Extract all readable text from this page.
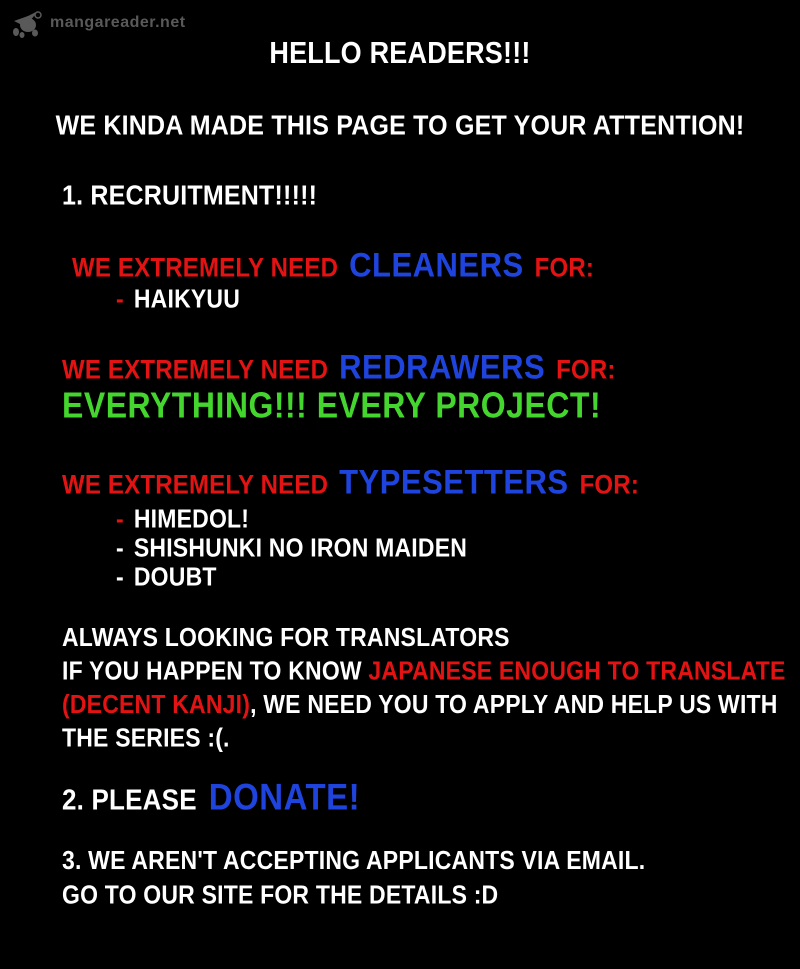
mangareader.net
HELLO READERS!!!
WE KINDA MADE THIS PAGE TO GET YOUR ATTENTION!
1. RECRUITMENT!!!!!
WE EXTREMELY NEED CLEANERS FOR:
- HAIKYUU
WE EXTREMELY NEED REDRAWERS FOR:
EVERYTHING!!! EVERY PROJECT!
WE EXTREMELY NEED TYPESETTERS FOR:
- HIMEDOL!
- SHISHUNKI NO IRON MAIDEN
- DOUBT
ALWAYS LOOKING FOR TRANSLATORS
IF YOU HAPPEN TO KNOW JAPANESE ENOUGH TO TRANSLATE
(DECENT KANJI), WE NEED YOU TO APPLY AND HELP US WITH
THE SERIES :(.
2. PLEASE DONATE!
3. WE AREN'T ACCEPTING APPLICANTS VIA EMAIL.
GO TO OUR SITE FOR THE DETAILS :D
